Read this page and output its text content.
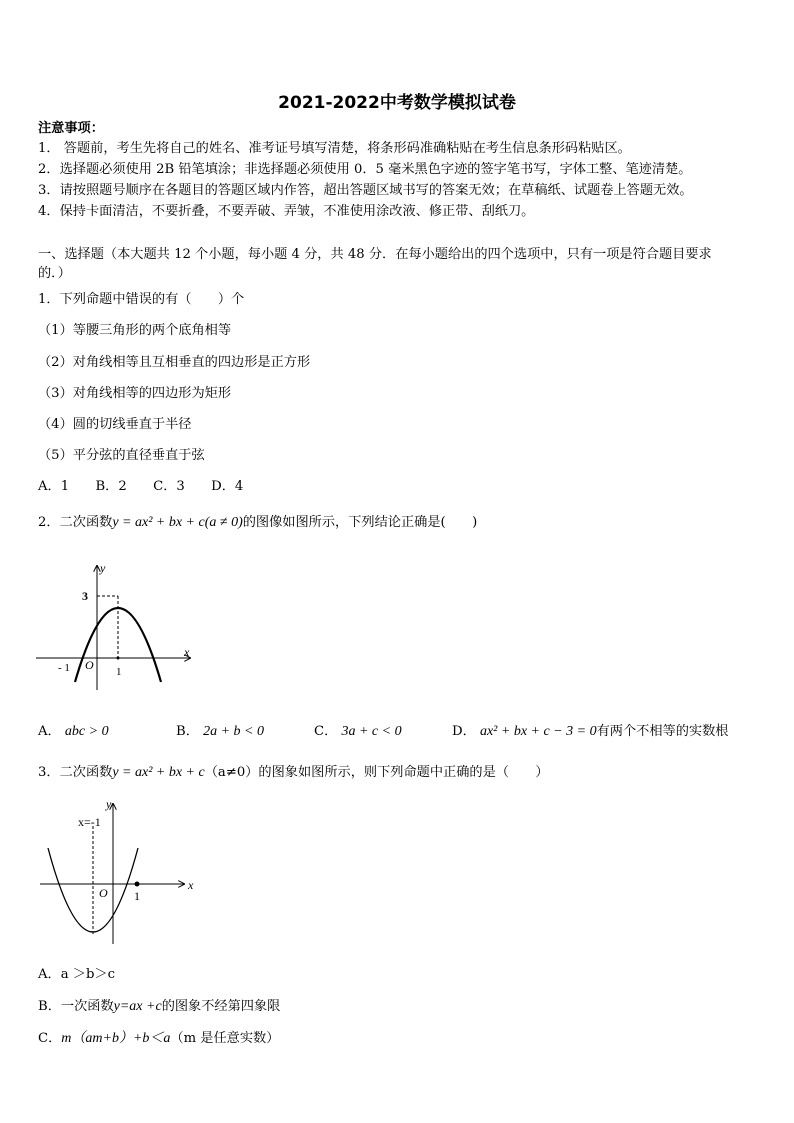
2021-2022中考数学模拟试卷
注意事项：
1． 答题前，考生先将自己的姓名、准考证号填写清楚，将条形码准确粘贴在考生信息条形码粘贴区。
2．选择题必须使用 2B 铅笔填涂；非选择题必须使用 0．5 毫米黑色字迹的签字笔书写，字体工整、笔迹清楚。
3．请按照题号顺序在各题目的答题区域内作答，超出答题区域书写的答案无效；在草稿纸、试题卷上答题无效。
4．保持卡面清洁，不要折叠，不要弄破、弄皱，不准使用涂改液、修正带、刮纸刀。
一、选择题（本大题共 12 个小题，每小题 4 分，共 48 分．在每小题给出的四个选项中，只有一项是符合题目要求
的．）
1．下列命题中错误的有（　　）个
（1）等腰三角形的两个底角相等
（2）对角线相等且互相垂直的四边形是正方形
（3）对角线相等的四边形为矩形
（4）圆的切线垂直于半径
（5）平分弦的直径垂直于弦
A．1　　B．2　　C．3　　D．4
2．二次函数y = ax² + bx + c(a ≠ 0)的图像如图所示，下列结论正确是(　　)
y
x
3
O
- 1	1
A． abc > 0	B． 2a + b < 0	C． 3a + c < 0	D． ax² + bx + c − 3 = 0有两个不相等的实数根
3．二次函数y = ax² + bx + c（a≠0）的图象如图所示，则下列命题中正确的是（　　）
y
x
x=-1
O 1
A．a ＞b＞c
B．一次函数y=ax +c的图象不经第四象限
C．m（am+b）+b＜a（m 是任意实数）
